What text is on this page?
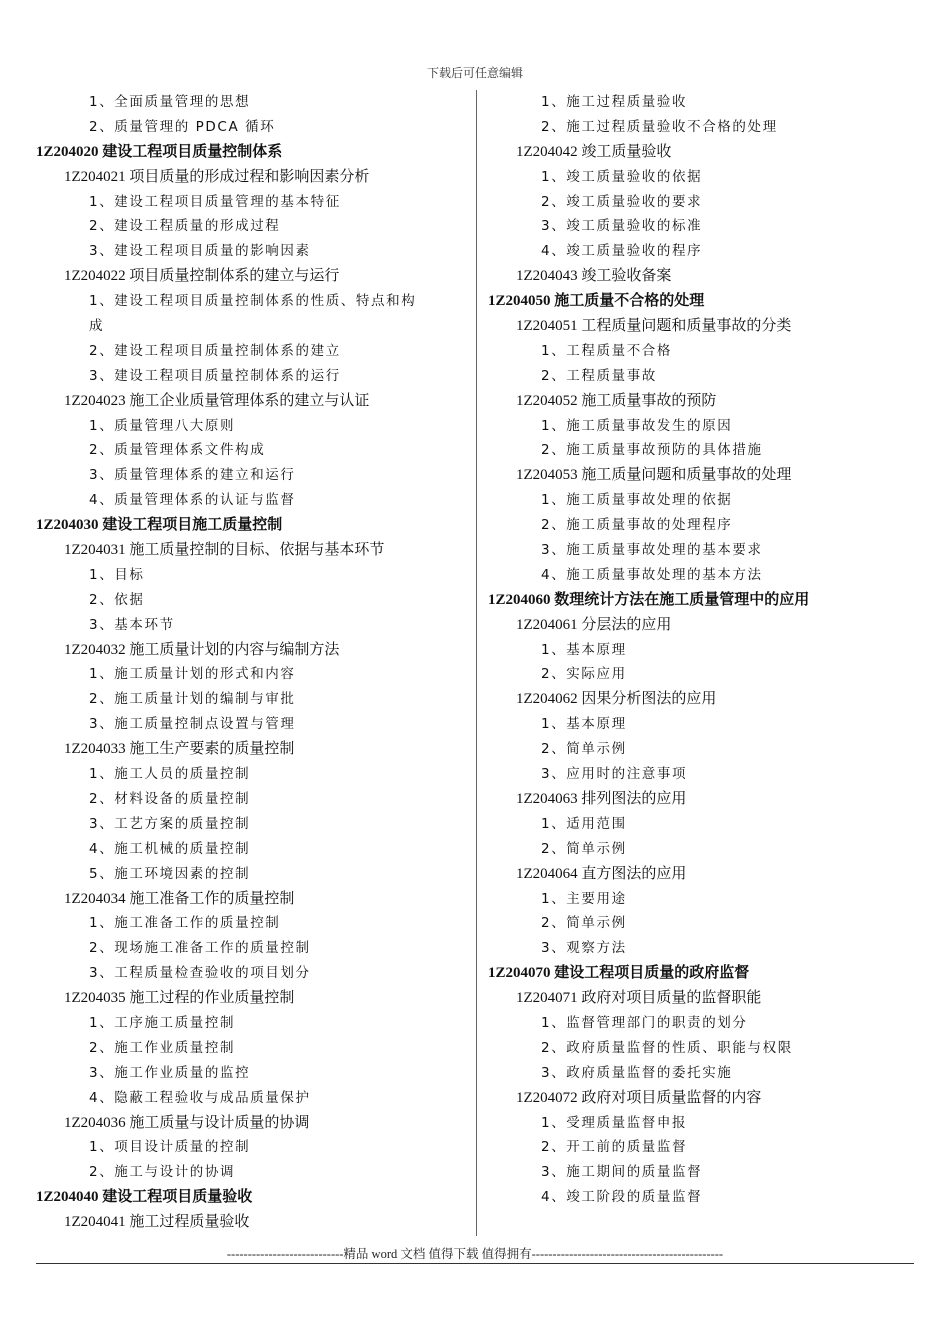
下载后可任意编辑
1、全面质量管理的思想
2、质量管理的 PDCA 循环
1Z204020 建设工程项目质量控制体系
1Z204021 项目质量的形成过程和影响因素分析
1、建设工程项目质量管理的基本特征
2、建设工程质量的形成过程
3、建设工程项目质量的影响因素
1Z204022 项目质量控制体系的建立与运行
1、建设工程项目质量控制体系的性质、特点和构
成
2、建设工程项目质量控制体系的建立
3、建设工程项目质量控制体系的运行
1Z204023 施工企业质量管理体系的建立与认证
1、质量管理八大原则
2、质量管理体系文件构成
3、质量管理体系的建立和运行
4、质量管理体系的认证与监督
1Z204030 建设工程项目施工质量控制
1Z204031 施工质量控制的目标、依据与基本环节
1、目标
2、依据
3、基本环节
1Z204032 施工质量计划的内容与编制方法
1、施工质量计划的形式和内容
2、施工质量计划的编制与审批
3、施工质量控制点设置与管理
1Z204033 施工生产要素的质量控制
1、施工人员的质量控制
2、材料设备的质量控制
3、工艺方案的质量控制
4、施工机械的质量控制
5、施工环境因素的控制
1Z204034 施工准备工作的质量控制
1、施工准备工作的质量控制
2、现场施工准备工作的质量控制
3、工程质量检查验收的项目划分
1Z204035 施工过程的作业质量控制
1、工序施工质量控制
2、施工作业质量控制
3、施工作业质量的监控
4、隐蔽工程验收与成品质量保护
1Z204036 施工质量与设计质量的协调
1、项目设计质量的控制
2、施工与设计的协调
1Z204040 建设工程项目质量验收
1Z204041 施工过程质量验收
1、施工过程质量验收
2、施工过程质量验收不合格的处理
1Z204042 竣工质量验收
1、竣工质量验收的依据
2、竣工质量验收的要求
3、竣工质量验收的标准
4、竣工质量验收的程序
1Z204043 竣工验收备案
1Z204050 施工质量不合格的处理
1Z204051 工程质量问题和质量事故的分类
1、工程质量不合格
2、工程质量事故
1Z204052 施工质量事故的预防
1、施工质量事故发生的原因
2、施工质量事故预防的具体措施
1Z204053 施工质量问题和质量事故的处理
1、施工质量事故处理的依据
2、施工质量事故的处理程序
3、施工质量事故处理的基本要求
4、施工质量事故处理的基本方法
1Z204060 数理统计方法在施工质量管理中的应用
1Z204061 分层法的应用
1、基本原理
2、实际应用
1Z204062 因果分析图法的应用
1、基本原理
2、简单示例
3、应用时的注意事项
1Z204063 排列图法的应用
1、适用范围
2、简单示例
1Z204064 直方图法的应用
1、主要用途
2、简单示例
3、观察方法
1Z204070 建设工程项目质量的政府监督
1Z204071 政府对项目质量的监督职能
1、监督管理部门的职责的划分
2、政府质量监督的性质、职能与权限
3、政府质量监督的委托实施
1Z204072 政府对项目质量监督的内容
1、受理质量监督申报
2、开工前的质量监督
3、施工期间的质量监督
4、竣工阶段的质量监督
----------------------------精品 word 文档 值得下载 值得拥有----------------------------------------------
